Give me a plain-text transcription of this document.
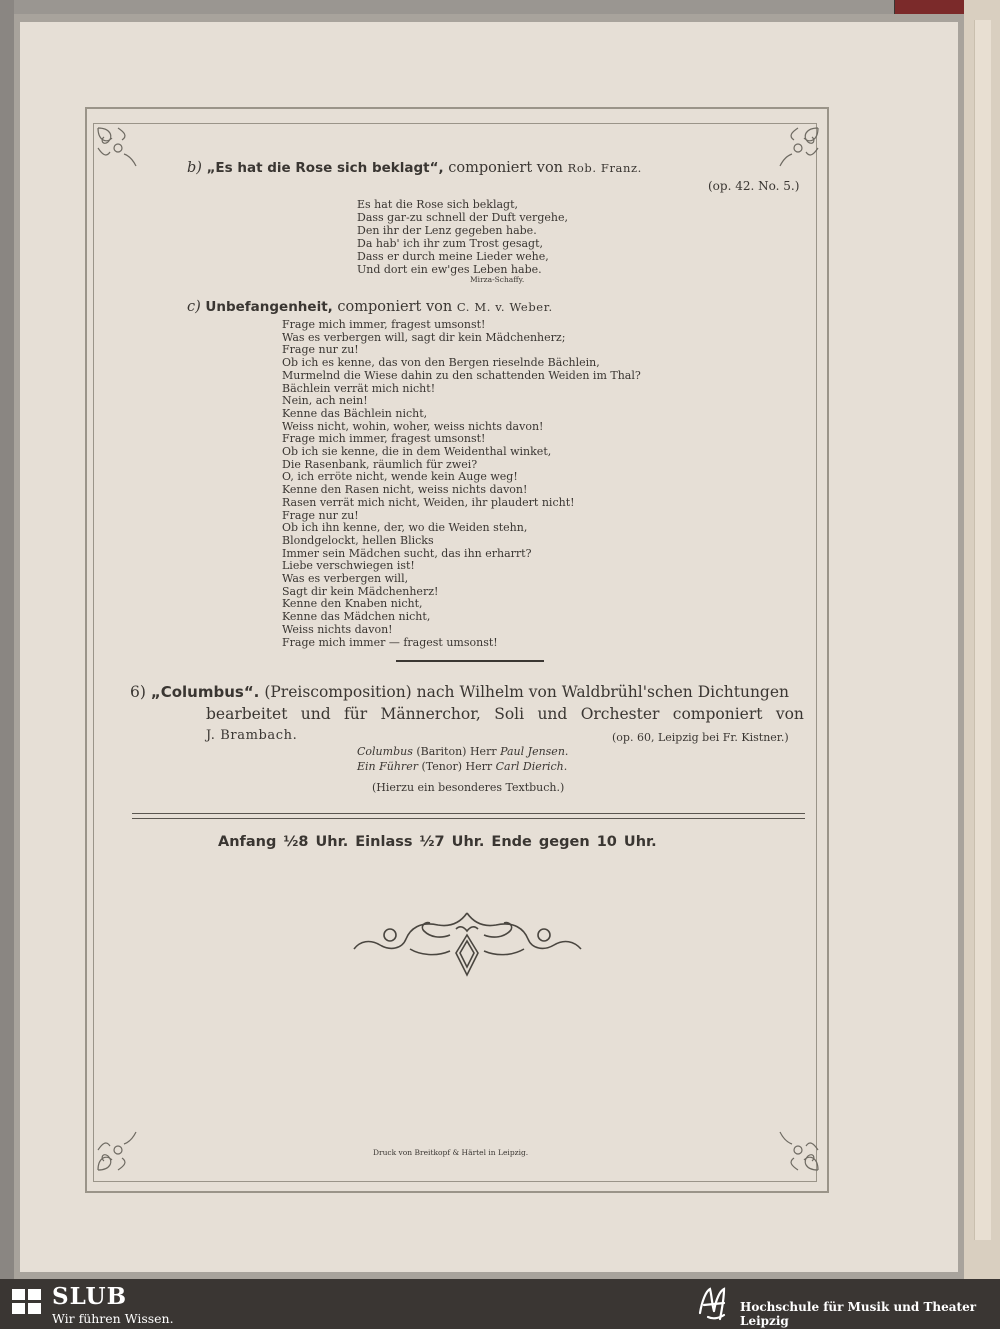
b) „Es hat die Rose sich beklagt“, componiert von Rob. Franz.
(op. 42. No. 5.)
Es hat die Rose sich beklagt,
Dass gar-zu schnell der Duft vergehe,
Den ihr der Lenz gegeben habe.
Da hab' ich ihr zum Trost gesagt,
Dass er durch meine Lieder wehe,
Und dort ein ew'ges Leben habe.
Mirza-Schaffy.
c) Unbefangenheit, componiert von C. M. v. Weber.
Frage mich immer, fragest umsonst!
Was es verbergen will, sagt dir kein Mädchenherz;
Frage nur zu!
Ob ich es kenne, das von den Bergen rieselnde Bächlein,
Murmelnd die Wiese dahin zu den schattenden Weiden im Thal?
Bächlein verrät mich nicht!
Nein, ach nein!
Kenne das Bächlein nicht,
Weiss nicht, wohin, woher, weiss nichts davon!
Frage mich immer, fragest umsonst!
Ob ich sie kenne, die in dem Weidenthal winket,
Die Rasenbank, räumlich für zwei?
O, ich erröte nicht, wende kein Auge weg!
Kenne den Rasen nicht, weiss nichts davon!
Rasen verrät mich nicht, Weiden, ihr plaudert nicht!
Frage nur zu!
Ob ich ihn kenne, der, wo die Weiden stehn,
Blondgelockt, hellen Blicks
Immer sein Mädchen sucht, das ihn erharrt?
Liebe verschwiegen ist!
Was es verbergen will,
Sagt dir kein Mädchenherz!
Kenne den Knaben nicht,
Kenne das Mädchen nicht,
Weiss nichts davon!
Frage mich immer — fragest umsonst!
6) „Columbus“. (Preiscomposition) nach Wilhelm von Waldbrühl'schen Dichtungen
bearbeitet und für Männerchor, Soli und Orchester componiert von
J. Brambach.	(op. 60, Leipzig bei Fr. Kistner.)
Columbus (Bariton) Herr Paul Jensen.
Ein Führer (Tenor) Herr Carl Dierich.
(Hierzu ein besonderes Textbuch.)
Anfang ½8 Uhr. Einlass ½7 Uhr. Ende gegen 10 Uhr.
Druck von Breitkopf & Härtel in Leipzig.
SLUB
Wir führen Wissen.
Hochschule für Musik und Theater Leipzig
